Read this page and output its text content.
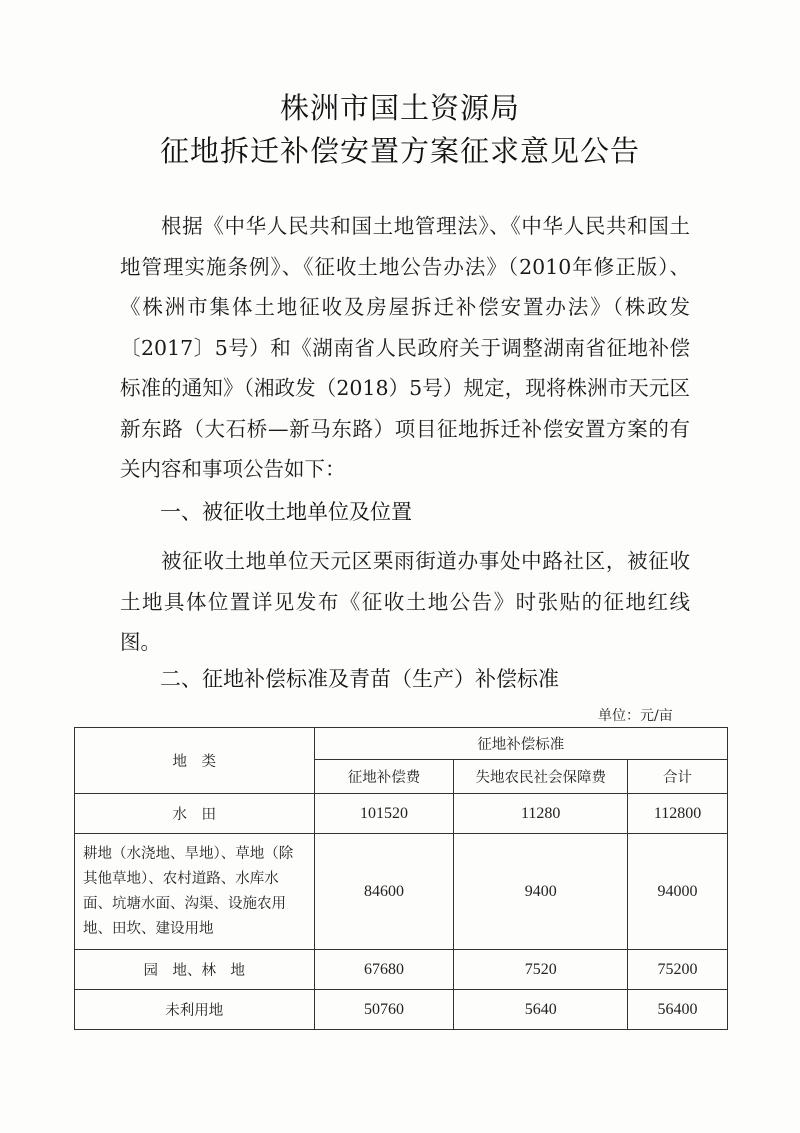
株洲市国土资源局
征地拆迁补偿安置方案征求意见公告
根据《中华人民共和国土地管理法》、《中华人民共和国土地管理实施条例》、《征收土地公告办法》（2010年修正版）、《株洲市集体土地征收及房屋拆迁补偿安置办法》（株政发〔2017〕5号）和《湖南省人民政府关于调整湖南省征地补偿标准的通知》（湘政发（2018）5号）规定，现将株洲市天元区新东路（大石桥—新马东路）项目征地拆迁补偿安置方案的有关内容和事项公告如下：
一、被征收土地单位及位置
被征收土地单位天元区栗雨街道办事处中路社区，被征收土地具体位置详见发布《征收土地公告》时张贴的征地红线图。
二、征地补偿标准及青苗（生产）补偿标准
单位：元/亩
地　类	征地补偿标准		
	征地补偿费	失地农民社会保障费	合计
水　田	101520	11280	112800
耕地（水浇地、旱地）、草地（除其他草地）、农村道路、水库水面、坑塘水面、沟渠、设施农用地、田坎、建设用地	84600	9400	94000
园　地、林　地	67680	7520	75200
未利用地	50760	5640	56400
